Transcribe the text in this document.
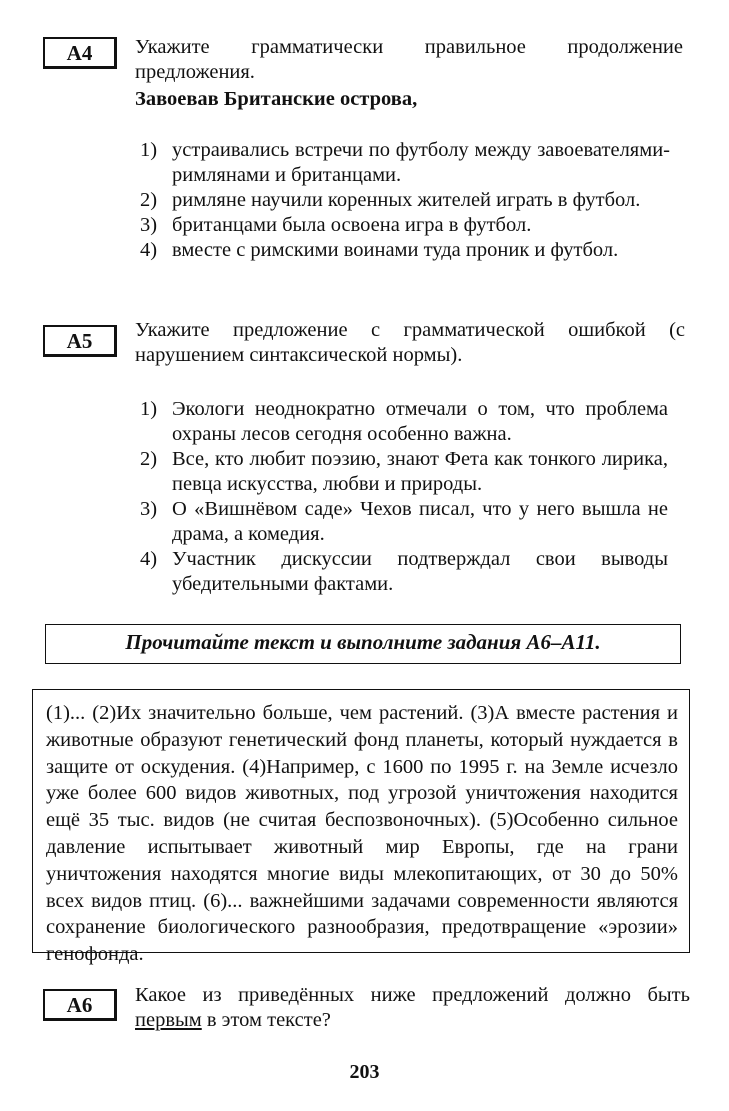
А4	Укажите грамматически правильное продолжение предложения.
Завоевав Британские острова,
1) устраивались встречи по футболу между завоевателями-римлянами и британцами.
2) римляне научили коренных жителей играть в футбол.
3) британцами была освоена игра в футбол.
4) вместе с римскими воинами туда проник и футбол.
А5	Укажите предложение с грамматической ошибкой (с нарушением синтаксической нормы).
1) Экологи неоднократно отмечали о том, что проблема охраны лесов сегодня особенно важна.
2) Все, кто любит поэзию, знают Фета как тонкого лирика, певца искусства, любви и природы.
3) О «Вишнёвом саде» Чехов писал, что у него вышла не драма, а комедия.
4) Участник дискуссии подтверждал свои выводы убедительными фактами.
Прочитайте текст и выполните задания А6–А11.
(1)... (2)Их значительно больше, чем растений. (3)А вместе растения и животные образуют генетический фонд планеты, который нуждается в защите от оскудения. (4)Например, с 1600 по 1995 г. на Земле исчезло уже более 600 видов животных, под угрозой уничтожения находится ещё 35 тыс. видов (не считая беспозвоночных). (5)Особенно сильное давление испытывает животный мир Европы, где на грани уничтожения находятся многие виды млекопитающих, от 30 до 50% всех видов птиц. (6)... важнейшими задачами современности являются сохранение биологического разнообразия, предотвращение «эрозии» генофонда.
А6	Какое из приведённых ниже предложений должно быть первым в этом тексте?
203
